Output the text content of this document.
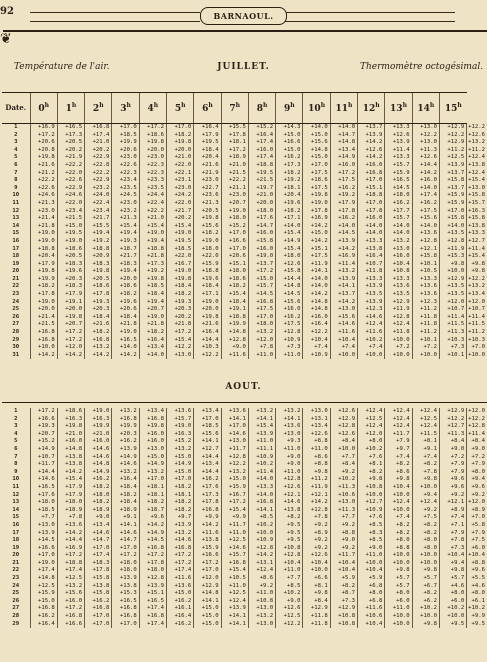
92	BARNAOUL.
❦
Température de l'air.	JUILLET.	Thermomètre octogésimal.
Date.	0$^h$	1$^h$	2$^h$	3$^h$	4$^h$	5$^h$	6$^h$	7$^h$	8$^h$	9$^h$	10$^h$	11$^h$	12$^h$	13$^h$	14$^h$	15$^h$
1	+16.9	+16.5	+16.8	+17.0	+17.2	+17.0	+16.4	+15.5	+15.2	+14.3	+14.0	+14.0	+13.7	+13.3	+13.0	+12.9	+12.2
2	+17.2	+17.3	+17.4	+18.5	+18.6	+18.2	+17.9	+17.8	+16.4	+15.0	+15.0	+14.7	+13.9	+12.6	+12.2	+12.2	+12.6
3	+20.6	+20.5	+21.0	+19.9	+19.8	+19.8	+19.5	+18.1	+17.4	+16.6	+15.6	+14.8	+14.2	+13.9	+13.0	+12.9	+13.2
4	+20.8	+20.2	+20.2	+20.6	+20.0	+20.0	+18.4	+17.2	+16.0	+15.0	+14.8	+13.4	+12.6	+11.4	+11.3	+11.2	+11.2
5	+19.8	+21.9	+22.9	+23.0	+23.0	+21.0	+20.4	+18.9	+17.4	+16.2	+15.0	+14.9	+14.2	+13.3	+12.6	+12.5	+12.4
6	+21.6	+22.2	+22.8	+22.6	+22.3	+22.0	+21.6	+21.0	+18.8	+17.3	+17.0	+16.0	+16.0	+15.7	+14.4	+13.9	+13.8
7	+21.2	+22.0	+22.2	+22.3	+22.3	+22.1	+21.9	+21.5	+19.5	+18.2	+17.5	+17.2	+16.8	+15.9	+14.2	+13.7	+12.4
8	+22.2	+22.6	+22.9	+23.4	+23.3	+23.1	+23.0	+22.2	+21.5	+19.2	+18.6	+17.5	+17.0	+16.5	+16.0	+15.8	+15.4
9	+22.6	+22.9	+23.2	+23.5	+23.5	+23.0	+22.7	+21.1	+19.7	+18.1	+17.5	+16.2	+15.1	+14.5	+14.0	+13.7	+13.0
10	+24.6	+24.6	+24.0	+24.5	+24.4	+24.2	+23.6	+23.0	+21.0	+20.4	+19.8	+19.2	+18.8	+18.0	+17.4	+15.9	+15.8
11	+21.3	+22.0	+22.4	+23.0	+22.4	+22.0	+21.3	+20.7	+20.0	+19.6	+19.0	+17.9	+17.0	+16.2	+16.2	+15.9	+15.7
12	+23.0	+23.4	+23.4	+23.2	+22.2	+21.7	+20.5	+19.0	+18.0	+18.2	+17.8	+17.8	+17.8	+17.7	+17.5	+17.0	+16.3
13	+21.4	+21.5	+21.7	+21.3	+21.0	+20.2	+19.8	+18.0	+17.6	+17.1	+16.9	+16.2	+16.0	+15.7	+15.6	+15.8	+15.8
14	+21.8	+15.0	+15.5	+15.4	+15.4	+15.4	+15.6	+15.2	+14.7	+14.0	+14.2	+14.0	+14.0	+14.0	+14.0	+14.0	+13.8
15	+19.0	+19.5	+19.4	+19.4	+19.0	+19.0	+18.2	+17.0	+16.0	+15.4	+15.0	+14.5	+14.0	+14.0	+13.6	+13.5	+13.3
16	+19.0	+19.0	+19.2	+19.3	+19.4	+19.5	+19.0	+16.6	+15.8	+14.9	+14.2	+13.9	+13.3	+13.2	+12.8	+12.8	+12.7
17	+18.8	+18.6	+18.8	+18.7	+18.8	+18.5	+18.0	+17.0	+16.0	+15.4	+15.1	+14.2	+13.8	+13.0	+12.1	+11.9	+11.4
18	+20.4	+20.5	+20.9	+21.7	+21.8	+22.0	+22.0	+20.6	+19.0	+18.0	+17.5	+16.9	+16.4	+16.0	+15.8	+15.3	+15.4
19	+17.9	+18.3	+18.3	+18.3	+17.3	+16.7	+15.9	+15.1	+13.7	+12.6	+11.9	+11.4	+10.7	+10.4	+10.1	+9.8	+9.8
20	+19.8	+19.6	+19.8	+19.4	+19.2	+19.0	+18.8	+18.0	+17.2	+15.8	+14.1	+13.2	+11.8	+10.8	+10.5	+10.0	+9.8
21	+19.9	+20.3	+20.5	+20.0	+19.8	+19.8	+19.6	+18.6	+15.0	+14.4	+14.0	+13.9	+13.3	+13.3	+13.3	+12.9	+12.2
22	+18.2	+18.3	+18.6	+18.6	+18.5	+18.4	+18.4	+18.2	+15.7	+14.8	+14.0	+14.1	+13.9	+13.6	+13.6	+13.5	+13.2
23	+17.8	+17.9	+17.8	+18.2	+18.4	+18.2	+17.1	+15.4	+14.5	+14.5	+14.2	+13.7	+13.5	+13.5	+13.6	+13.5	+13.4
24	+19.0	+19.1	+19.3	+19.6	+19.4	+19.3	+19.0	+18.4	+16.8	+15.6	+14.8	+14.2	+13.9	+12.9	+12.3	+12.0	+12.0
25	+20.0	+20.0	+20.3	+20.6	+20.7	+20.3	+20.0	+19.1	+17.5	+16.0	+14.8	+13.0	+12.3	+11.9	+11.2	+10.7	+10.7
26	+21.4	+19.8	+18.4	+18.4	+19.0	+20.2	+19.8	+18.8	+17.0	+16.2	+16.0	+15.6	+14.6	+12.8	+11.8	+11.4	+11.4
27	+21.5	+20.7	+21.6	+21.8	+21.8	+21.8	+21.6	+19.9	+18.0	+17.5	+16.4	+14.6	+12.4	+12.4	+11.8	+11.5	+11.5
28	+16.8	+17.2	+18.2	+19.0	+18.2	+17.2	+16.4	+14.8	+13.2	+12.8	+12.2	+11.6	+11.6	+11.8	+11.2	+11.3	+11.2
29	+16.8	+17.2	+16.8	+16.5	+16.4	+15.4	+14.4	+12.8	+12.0	+10.9	+10.4	+10.4	+10.2	+10.0	+10.1	+10.3	+10.3
30	+10.0	+12.0	+13.2	+14.0	+13.4	+12.2	+10.3	+9.0	+7.8	+7.3	+7.4	+7.4	+7.4	+7.2	+7.2	+7.3	+7.0
31	+14.2	+14.2	+14.2	+14.2	+14.0	+13.0	+12.2	+11.6	+11.0	+11.0	+10.9	+10.0	+10.0	+10.0	+10.0	+10.1	+10.0
AOUT.
1	+17.2	+18.6	+19.0	+13.2	+13.4	+13.6	+13.4	+13.6	+13.2	+13.2	+13.0	+12.6	+12.4	+12.4	+12.4	+12.9	+12.0
2	+16.6	+16.3	+16.3	+16.8	+16.8	+15.7	+17.0	+14.1	+14.1	+14.1	+13.1	+12.9	+12.5	+12.4	+12.5	+12.2	+12.2
3	+19.3	+19.8	+19.9	+19.9	+19.8	+19.0	+18.5	+17.0	+15.4	+13.6	+13.4	+12.8	+12.4	+12.4	+12.4	+12.7	+12.8
4	+20.7	+21.0	+21.0	+20.3	+16.0	+16.3	+15.6	+14.6	+13.9	+13.0	+12.6	+12.6	+12.0	+11.7	+11.5	+11.3	+11.4
5	+15.2	+16.0	+16.0	+16.2	+16.0	+15.2	+14.1	+13.0	+11.0	+9.3	+8.8	+8.4	+8.0	+7.9	+8.1	+8.4	+8.4
6	+14.9	+14.8	+14.6	+13.9	+13.0	+13.2	+12.7	+11.7	+11.1	+11.0	+11.0	+10.0	+10.2	+9.7	+9.1	+9.0	+9.0
7	+10.7	+13.8	+14.6	+14.9	+15.0	+15.0	+14.4	+12.8	+10.9	+9.0	+8.6	+7.7	+7.6	+7.4	+7.4	+7.2	+7.2
8	+11.7	+13.8	+14.8	+14.6	+14.9	+14.9	+13.4	+12.2	+10.2	+9.0	+8.8	+8.4	+8.1	+8.2	+8.2	+7.9	+7.9
9	+14.4	+14.2	+14.9	+13.2	+13.2	+15.0	+14.4	+13.2	+11.4	+11.0	+9.8	+9.2	+8.2	+8.6	+7.8	+7.9	+8.0
10	+14.6	+15.4	+16.2	+16.4	+17.0	+17.0	+16.2	+15.0	+14.0	+12.8	+11.2	+10.2	+9.8	+9.8	+9.8	+9.6	+9.4
11	+16.5	+17.9	+18.2	+18.4	+18.1	+18.2	+17.6	+15.9	+13.3	+12.6	+11.9	+11.3	+10.8	+10.4	+10.0	+9.6	+9.6
12	+17.6	+17.9	+18.0	+18.2	+18.1	+18.1	+17.3	+16.7	+14.0	+12.1	+12.1	+10.6	+10.0	+10.0	+9.4	+9.2	+9.2
13	+18.0	+18.0	+18.2	+18.4	+18.2	+18.2	+17.8	+17.2	+16.8	+14.6	+14.2	+13.0	+12.7	+12.4	+12.4	+12.1	+12.0
14	+18.5	+18.9	+18.9	+18.9	+18.7	+18.2	+16.8	+15.4	+14.1	+13.8	+12.8	+11.3	+10.9	+10.0	+9.2	+8.9	+8.9
15	+7.7	+7.8	+9.0	+9.1	+9.6	+9.7	+9.9	+9.9	+8.5	+8.2	+7.8	+7.7	+7.6	+7.4	+7.5	+7.4	+7.0
16	+13.0	+13.6	+13.4	+14.1	+14.2	+13.9	+14.2	+11.7	+10.2	+9.5	+9.2	+9.2	+8.5	+8.2	+8.2	+7.1	+5.8
17	+13.9	+14.2	+14.6	+14.6	+14.9	+13.2	+11.6	+11.0	+10.0	+9.5	+8.9	+8.8	+8.3	+8.2	+8.2	+7.9	+7.9
18	+14.5	+14.4	+14.7	+14.7	+14.5	+14.6	+13.8	+12.5	+10.9	+9.5	+9.2	+9.0	+8.5	+8.0	+8.0	+7.8	+7.5
19	+16.6	+16.9	+17.0	+17.0	+16.8	+16.8	+15.9	+14.6	+12.8	+10.8	+9.2	+9.2	+9.0	+8.8	+8.0	+7.3	+6.0
20	+17.0	+17.2	+17.4	+17.2	+17.2	+17.2	+16.6	+15.7	+14.2	+12.8	+12.6	+11.7	+11.0	+10.0	+10.0	+10.4	+10.4
21	+19.0	+18.8	+18.3	+18.0	+17.8	+17.2	+17.2	+16.8	+13.1	+10.4	+10.4	+10.4	+10.0	+10.0	+10.0	+9.4	+8.8
22	+17.4	+17.4	+17.8	+18.0	+18.0	+17.4	+17.0	+15.4	+12.4	+11.0	+10.0	+10.4	+10.4	+9.8	+9.8	+9.8	+9.6
23	+14.8	+12.5	+15.8	+13.9	+12.8	+11.6	+12.0	+10.5	+8.6	+7.7	+6.6	+5.9	+5.9	+5.7	+5.7	+5.7	+5.5
24	+12.5	+13.2	+13.8	+13.8	+13.9	+13.6	+12.9	+11.0	+9.2	+8.5	+8.1	+8.2	+6.8	+5.7	+6.7	+4.6	+4.6
25	+15.9	+15.6	+15.8	+15.3	+15.1	+15.0	+14.8	+12.5	+11.0	+10.2	+9.8	+8.7	+8.0	+8.0	+8.2	+8.0	+8.0
26	+15.0	+16.0	+16.2	+16.5	+16.5	+16.2	+14.1	+12.4	+10.8	+9.0	+8.4	+7.3	+6.8	+6.0	+6.2	+6.0	+6.1
27	+16.8	+17.2	+16.8	+16.8	+17.4	+16.1	+15.0	+13.9	+13.0	+12.6	+12.9	+12.9	+11.6	+11.0	+10.2	+10.2	+10.2
28	+16.2	+16.8	+17.0	+16.8	+16.8	+16.4	+15.0	+14.1	+13.2	+12.5	+11.8	+10.8	+10.6	+10.0	+10.0	+10.0	+9.9
29	+16.4	+16.6	+17.0	+17.0	+17.4	+16.2	+15.0	+14.1	+13.0	+12.2	+11.8	+10.8	+10.4	+10.0	+9.8	+9.5	+9.5
